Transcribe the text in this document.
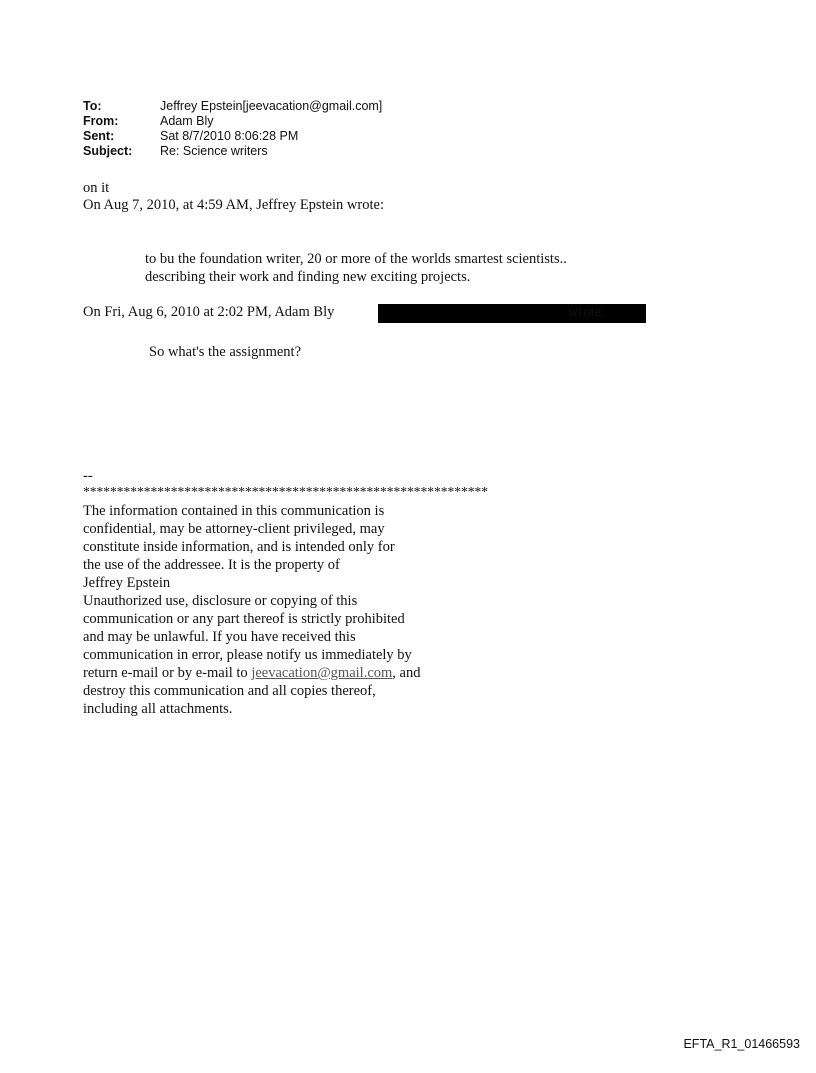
To:	Jeffrey Epstein[jeevacation@gmail.com]
From:	Adam Bly
Sent:	Sat 8/7/2010 8:06:28 PM
Subject:	Re: Science writers
on it
On Aug 7, 2010, at 4:59 AM, Jeffrey Epstein wrote:
to bu the foundation writer, 20 or more of the worlds smartest scientists..
describing their work and finding new exciting projects.
On Fri, Aug 6, 2010 at 2:02 PM, Adam Bly	wrote:
So what's the assignment?
--
************************************************************
The information contained in this communication is
confidential, may be attorney-client privileged, may
constitute inside information, and is intended only for
the use of the addressee. It is the property of
Jeffrey Epstein
Unauthorized use, disclosure or copying of this
communication or any part thereof is strictly prohibited
and may be unlawful. If you have received this
communication in error, please notify us immediately by
return e-mail or by e-mail to jeevacation@gmail.com, and
destroy this communication and all copies thereof,
including all attachments.
EFTA_R1_01466593
